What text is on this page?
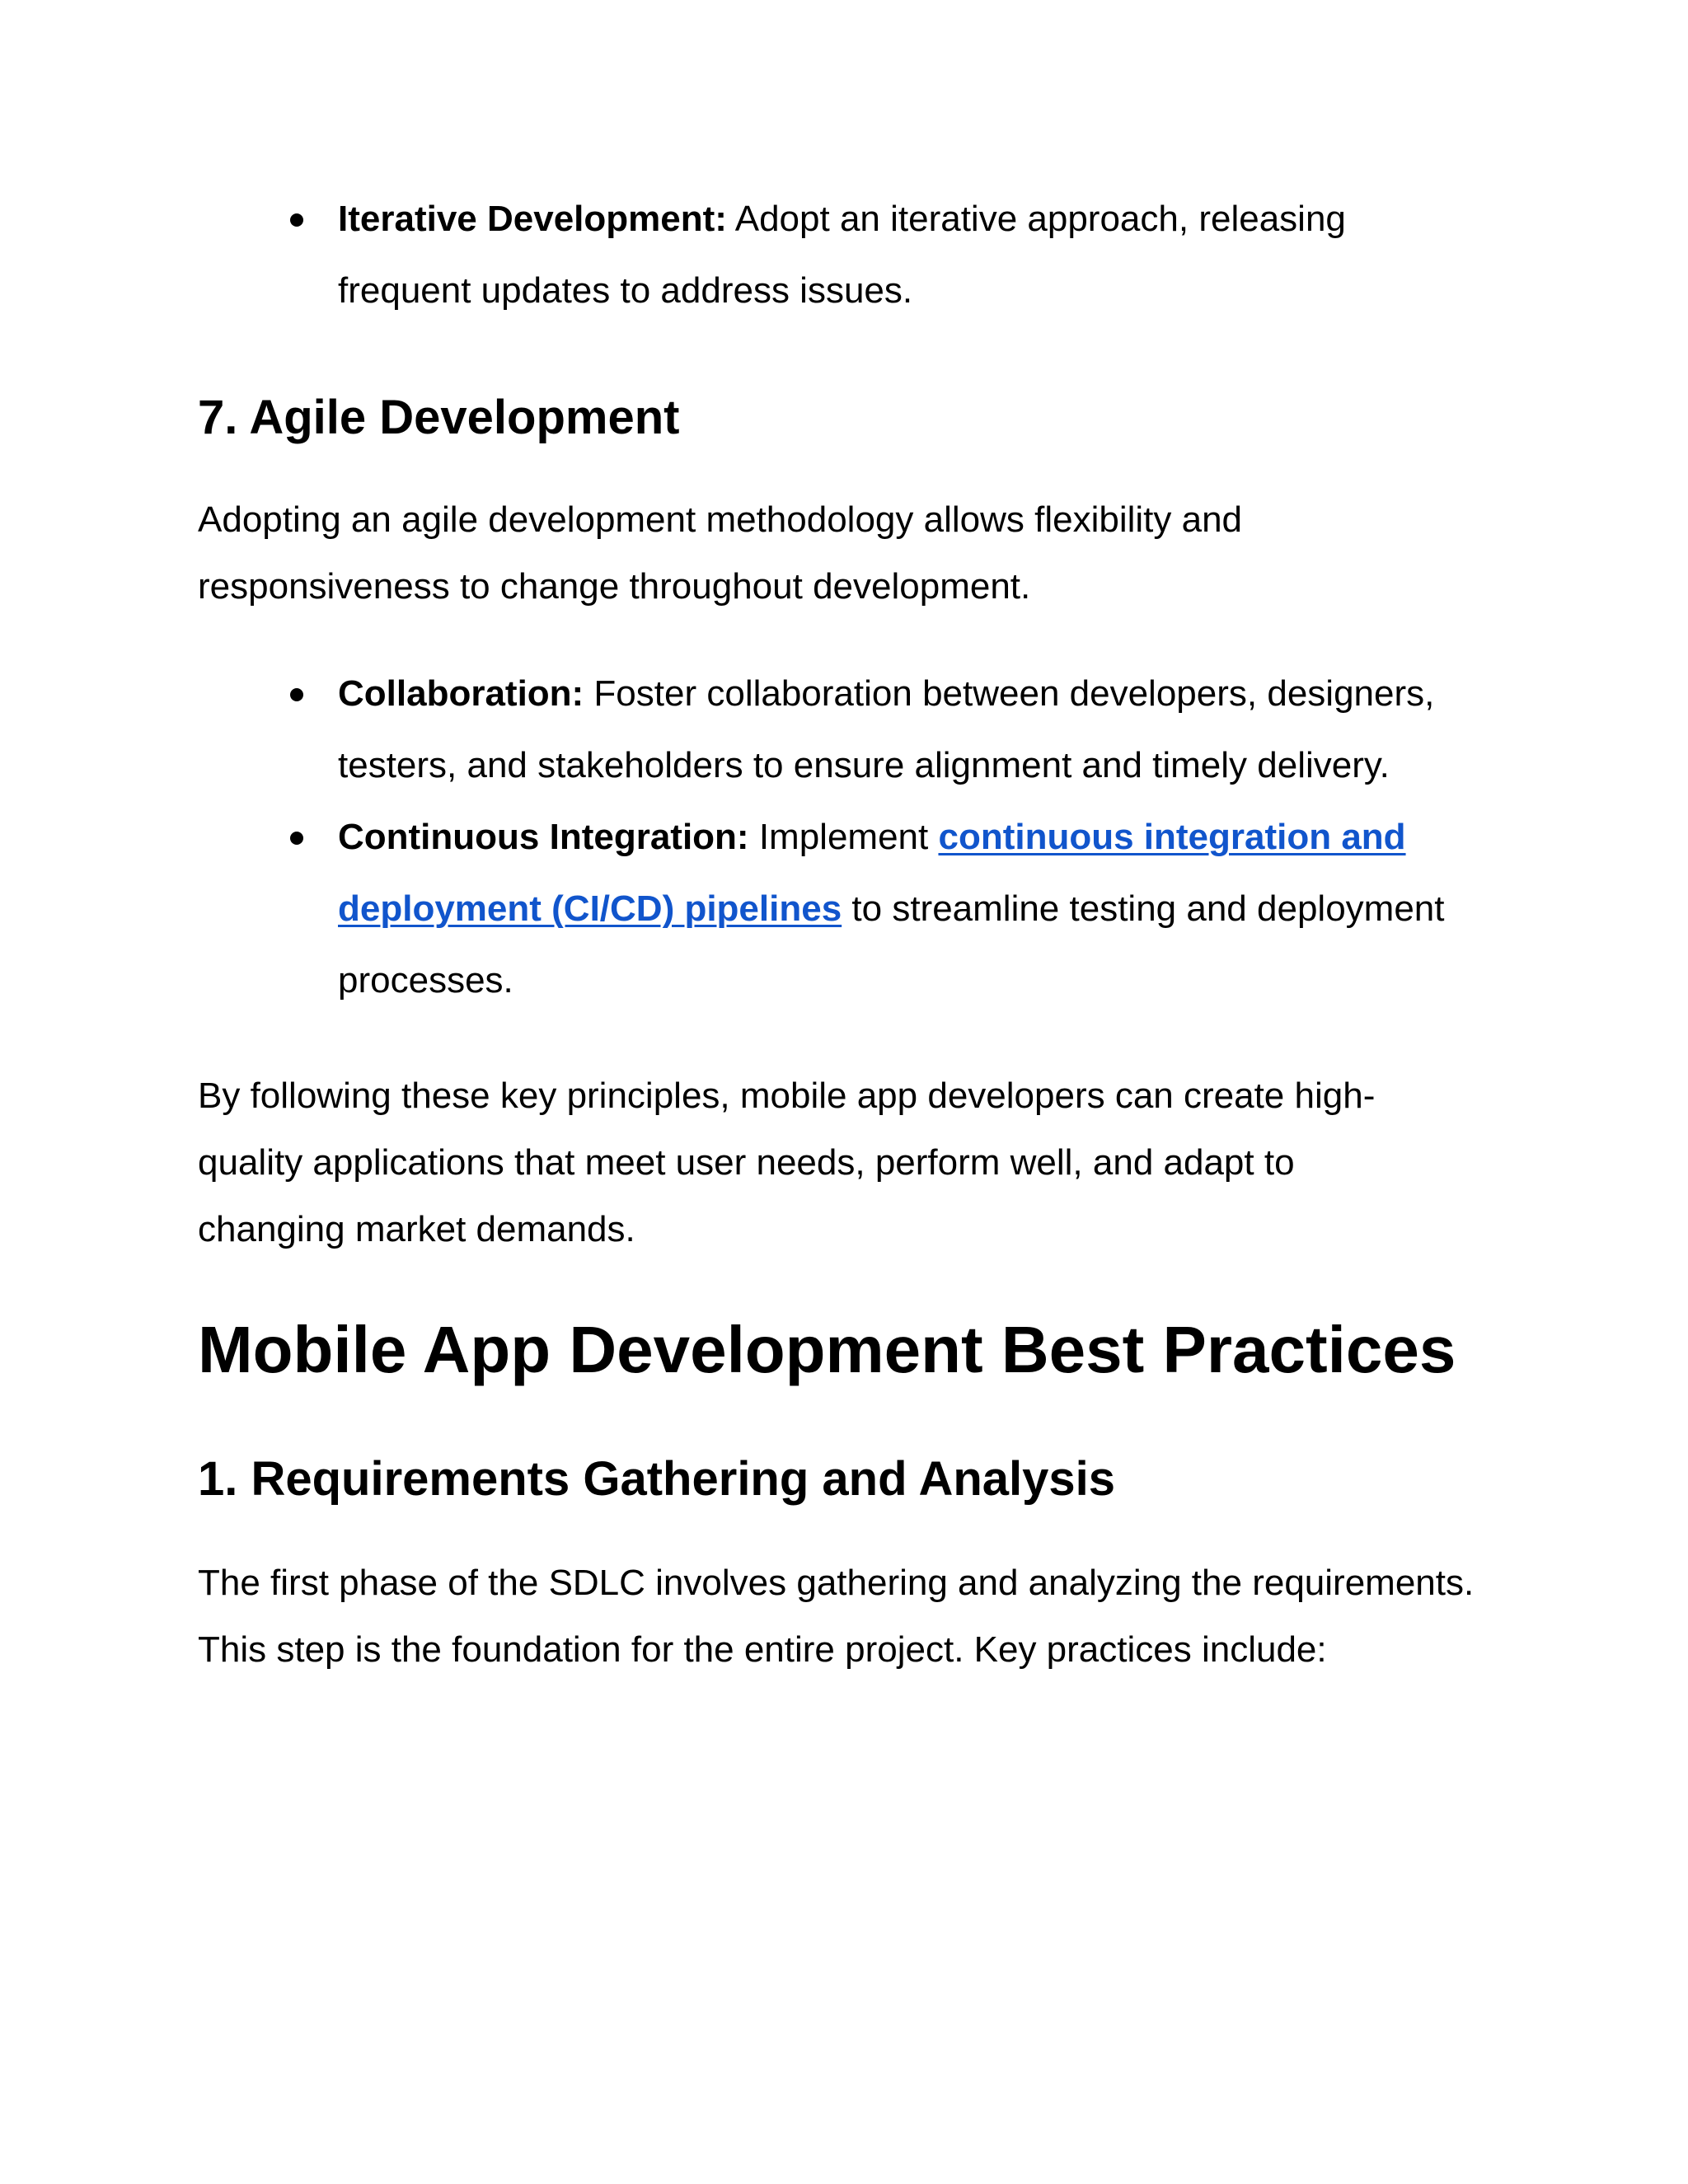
Iterative Development: Adopt an iterative approach, releasing frequent updates to address issues.
7. Agile Development

Adopting an agile development methodology allows flexibility and responsiveness to change throughout development.

Collaboration: Foster collaboration between developers, designers, testers, and stakeholders to ensure alignment and timely delivery.
Continuous Integration: Implement continuous integration and deployment (CI/CD) pipelines to streamline testing and deployment processes.

By following these key principles, mobile app developers can create high-quality applications that meet user needs, perform well, and adapt to changing market demands.

Mobile App Development Best Practices
1. Requirements Gathering and Analysis

The first phase of the SDLC involves gathering and analyzing the requirements. This step is the foundation for the entire project. Key practices include:
